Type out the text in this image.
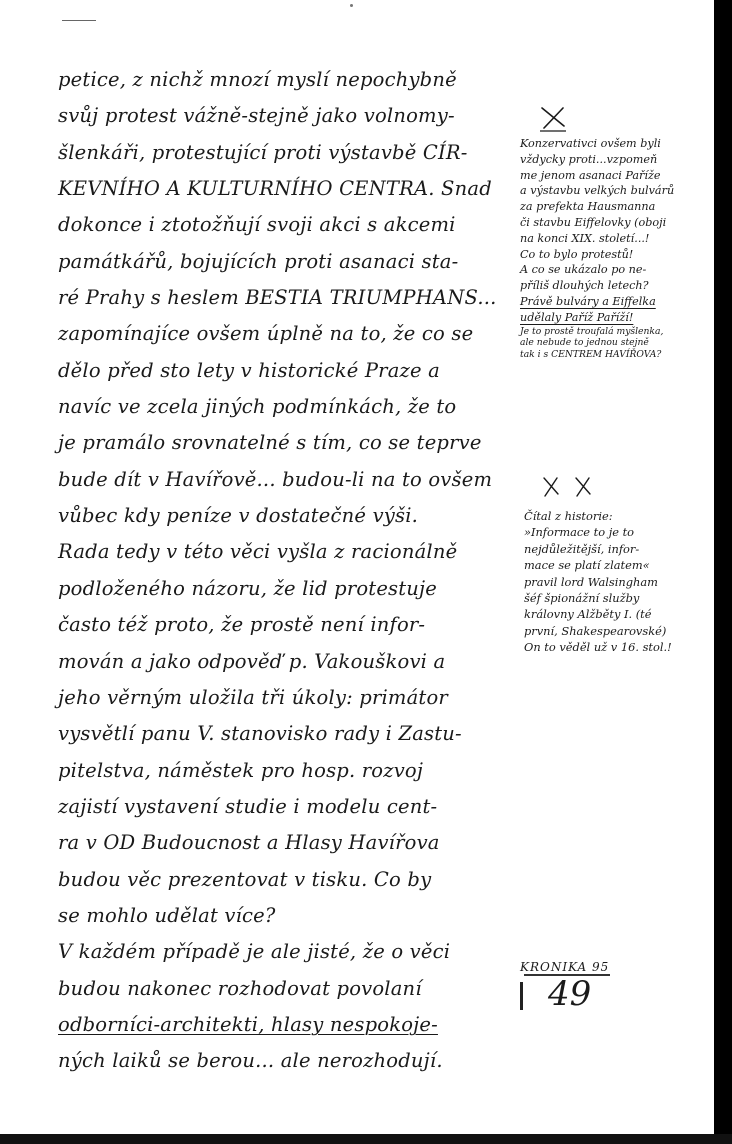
petice, z nichž mnozí myslí nepochybně
svůj protest vážně-stejně jako volnomy-
šlenkáři, protestující proti výstavbě CÍR-
KEVNÍHO A KULTURNÍHO CENTRA. Snad
dokonce i ztotožňují svoji akci s akcemi
památkářů, bojujících proti asanaci sta-
ré Prahy s heslem BESTIA TRIUMPHANS...
zapomínajíce ovšem úplně na to, že co se
dělo před sto lety v historické Praze a
navíc ve zcela jiných podmínkách, že to
je pramálo srovnatelné s tím, co se teprve
bude dít v Havířově... budou-li na to ovšem
vůbec kdy peníze v dostatečné výši.
Rada tedy v této věci vyšla z racionálně
podloženého názoru, že lid protestuje
často též proto, že prostě není infor-
mován a jako odpověď p. Vakouškovi a
jeho věrným uložila tři úkoly: primátor
vysvětlí panu V. stanovisko rady i Zastu-
pitelstva, náměstek pro hosp. rozvoj
zajistí vystavení studie i modelu cent-
ra v OD Budoucnost a Hlasy Havířova
budou věc prezentovat v tisku. Co by
se mohlo udělat více?
V každém případě je ale jisté, že o věci
budou nakonec rozhodovat povolaní
odborníci-architekti, hlasy nespokoje-
ných laiků se berou... ale nerozhodují.
Konzervativci ovšem byli
vždycky proti...vzpomeň
me jenom asanaci Paříže
a výstavbu velkých bulvárů
za prefekta Hausmanna
či stavbu Eiffelovky (oboji
na konci XIX. století...!
Co to bylo protestů!
A co se ukázalo po ne-
příliš dlouhých letech?
Právě bulváry a Eiffelka
udělaly Paříž Paříží!
Je to prostě troufalá myšlenka,
ale nebude to jednou stejně
tak i s CENTREM HAVÍŘOVA?
Čítal z historie:
»Informace to je to
nejdůležitější, infor-
mace se platí zlatem«
pravil lord Walsingham
šéf špionážní služby
královny Alžběty I. (té
první, Shakespearovské)
On to věděl už v 16. stol.!
KRONIKA 95
49
